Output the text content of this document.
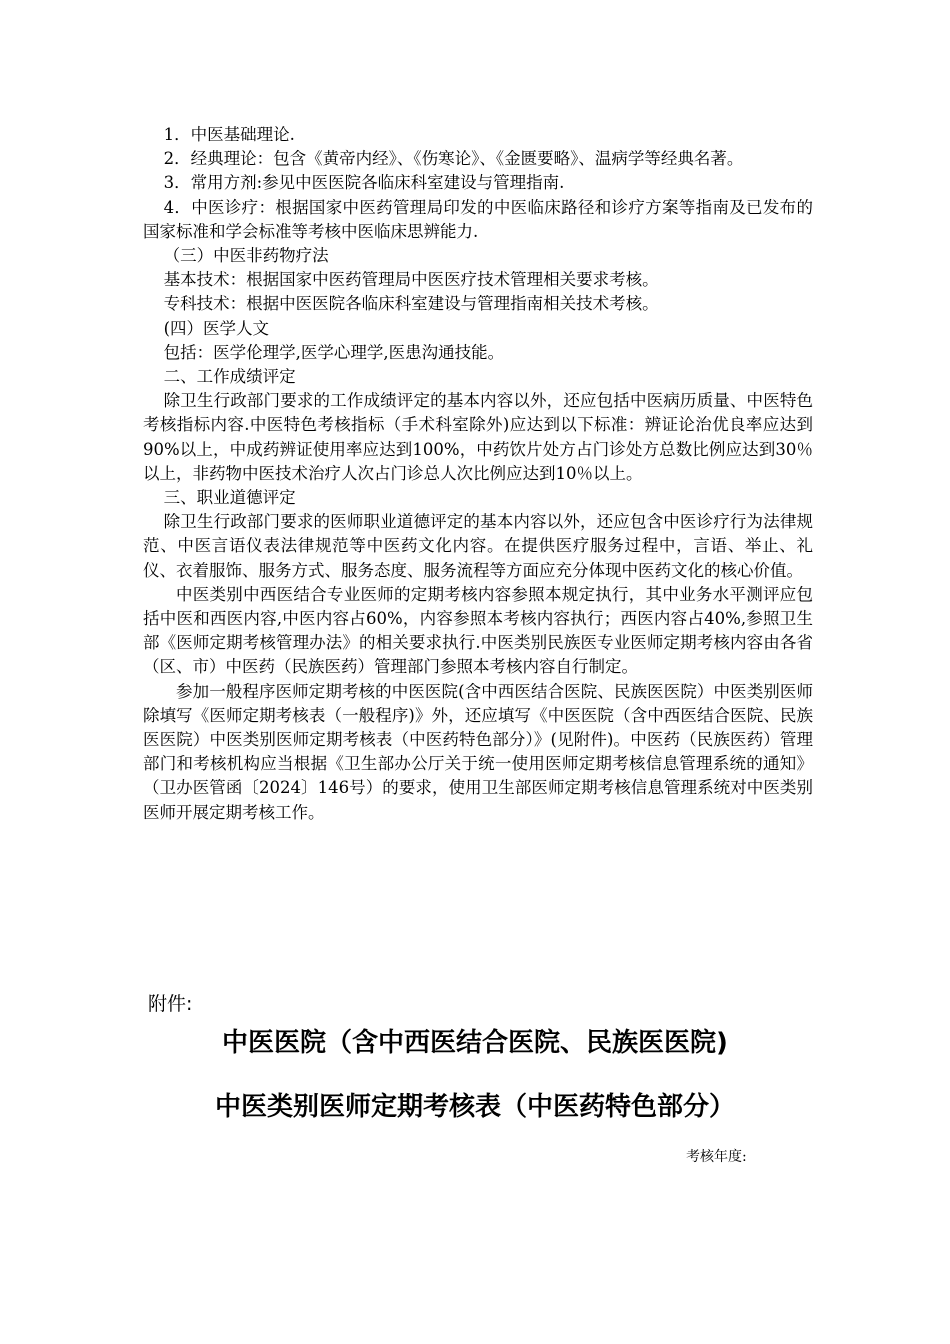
1．中医基础理论.

2．经典理论：包含《黄帝内经》、《伤寒论》、《金匮要略》、温病学等经典名著。

3．常用方剂:参见中医医院各临床科室建设与管理指南.

4．中医诊疗：根据国家中医药管理局印发的中医临床路径和诊疗方案等指南及已发布的国家标准和学会标准等考核中医临床思辨能力.

（三）中医非药物疗法

基本技术：根据国家中医药管理局中医医疗技术管理相关要求考核。

专科技术：根据中医医院各临床科室建设与管理指南相关技术考核。

(四）医学人文

包括：医学伦理学,医学心理学,医患沟通技能。

二、工作成绩评定

除卫生行政部门要求的工作成绩评定的基本内容以外，还应包括中医病历质量、中医特色考核指标内容.中医特色考核指标（手术科室除外)应达到以下标准：辨证论治优良率应达到90%以上，中成药辨证使用率应达到100%，中药饮片处方占门诊处方总数比例应达到30％以上，非药物中医技术治疗人次占门诊总人次比例应达到10％以上。

三、职业道德评定

除卫生行政部门要求的医师职业道德评定的基本内容以外，还应包含中医诊疗行为法律规范、中医言语仪表法律规范等中医药文化内容。在提供医疗服务过程中，言语、举止、礼仪、衣着服饰、服务方式、服务态度、服务流程等方面应充分体现中医药文化的核心价值。

中医类别中西医结合专业医师的定期考核内容参照本规定执行，其中业务水平测评应包括中医和西医内容,中医内容占60%，内容参照本考核内容执行；西医内容占40%,参照卫生部《医师定期考核管理办法》的相关要求执行.中医类别民族医专业医师定期考核内容由各省（区、市）中医药（民族医药）管理部门参照本考核内容自行制定。

参加一般程序医师定期考核的中医医院(含中西医结合医院、民族医医院）中医类别医师除填写《医师定期考核表（一般程序)》外，还应填写《中医医院（含中西医结合医院、民族医医院）中医类别医师定期考核表（中医药特色部分）》(见附件)。中医药（民族医药）管理部门和考核机构应当根据《卫生部办公厅关于统一使用医师定期考核信息管理系统的通知》（卫办医管函〔2024〕146号）的要求，使用卫生部医师定期考核信息管理系统对中医类别医师开展定期考核工作。

附件:
中医医院（含中西医结合医院、民族医医院)
中医类别医师定期考核表（中医药特色部分）
考核年度:
